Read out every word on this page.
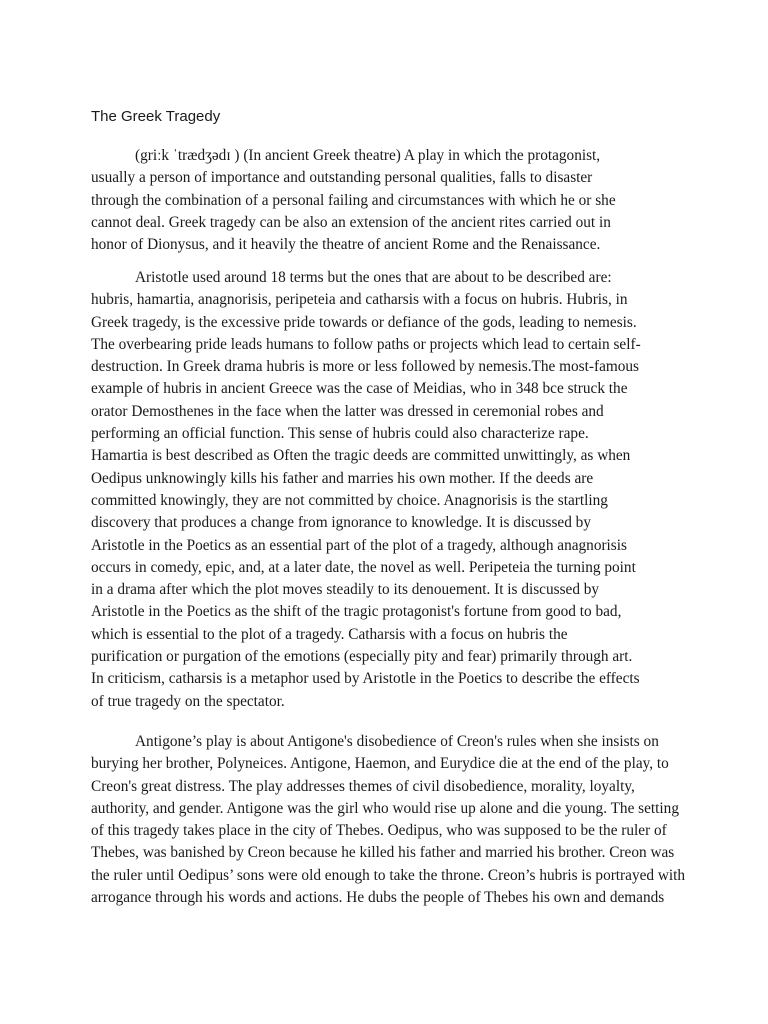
The Greek Tragedy
(griːk ˈtrædʒədɪ ) (In ancient Greek theatre) A play in which the protagonist,
usually a person of importance and outstanding personal qualities, falls to disaster
through the combination of a personal failing and circumstances with which he or she
cannot deal. Greek tragedy can be also an extension of the ancient rites carried out in
honor of Dionysus, and it heavily the theatre of ancient Rome and the Renaissance.
Aristotle used around 18 terms but the ones that are about to be described are:
hubris, hamartia, anagnorisis, peripeteia and catharsis with a focus on hubris. Hubris, in
Greek tragedy, is the excessive pride towards or defiance of the gods, leading to nemesis.
The overbearing pride leads humans to follow paths or projects which lead to certain self-
destruction. In Greek drama hubris is more or less followed by nemesis.The most-famous
example of hubris in ancient Greece was the case of Meidias, who in 348 bce struck the
orator Demosthenes in the face when the latter was dressed in ceremonial robes and
performing an official function. This sense of hubris could also characterize rape.
Hamartia is best described as Often the tragic deeds are committed unwittingly, as when
Oedipus unknowingly kills his father and marries his own mother. If the deeds are
committed knowingly, they are not committed by choice. Anagnorisis is the startling
discovery that produces a change from ignorance to knowledge. It is discussed by
Aristotle in the Poetics as an essential part of the plot of a tragedy, although anagnorisis
occurs in comedy, epic, and, at a later date, the novel as well. Peripeteia the turning point
in a drama after which the plot moves steadily to its denouement. It is discussed by
Aristotle in the Poetics as the shift of the tragic protagonist's fortune from good to bad,
which is essential to the plot of a tragedy. Catharsis with a focus on hubris the
purification or purgation of the emotions (especially pity and fear) primarily through art.
In criticism, catharsis is a metaphor used by Aristotle in the Poetics to describe the effects
of true tragedy on the spectator.
Antigone’s play is about Antigone's disobedience of Creon's rules when she insists on
burying her brother, Polyneices. Antigone, Haemon, and Eurydice die at the end of the play, to
Creon's great distress. The play addresses themes of civil disobedience, morality, loyalty,
authority, and gender. Antigone was the girl who would rise up alone and die young. The setting
of this tragedy takes place in the city of Thebes. Oedipus, who was supposed to be the ruler of
Thebes, was banished by Creon because he killed his father and married his brother. Creon was
the ruler until Oedipus’ sons were old enough to take the throne. Creon’s hubris is portrayed with
arrogance through his words and actions. He dubs the people of Thebes his own and demands
